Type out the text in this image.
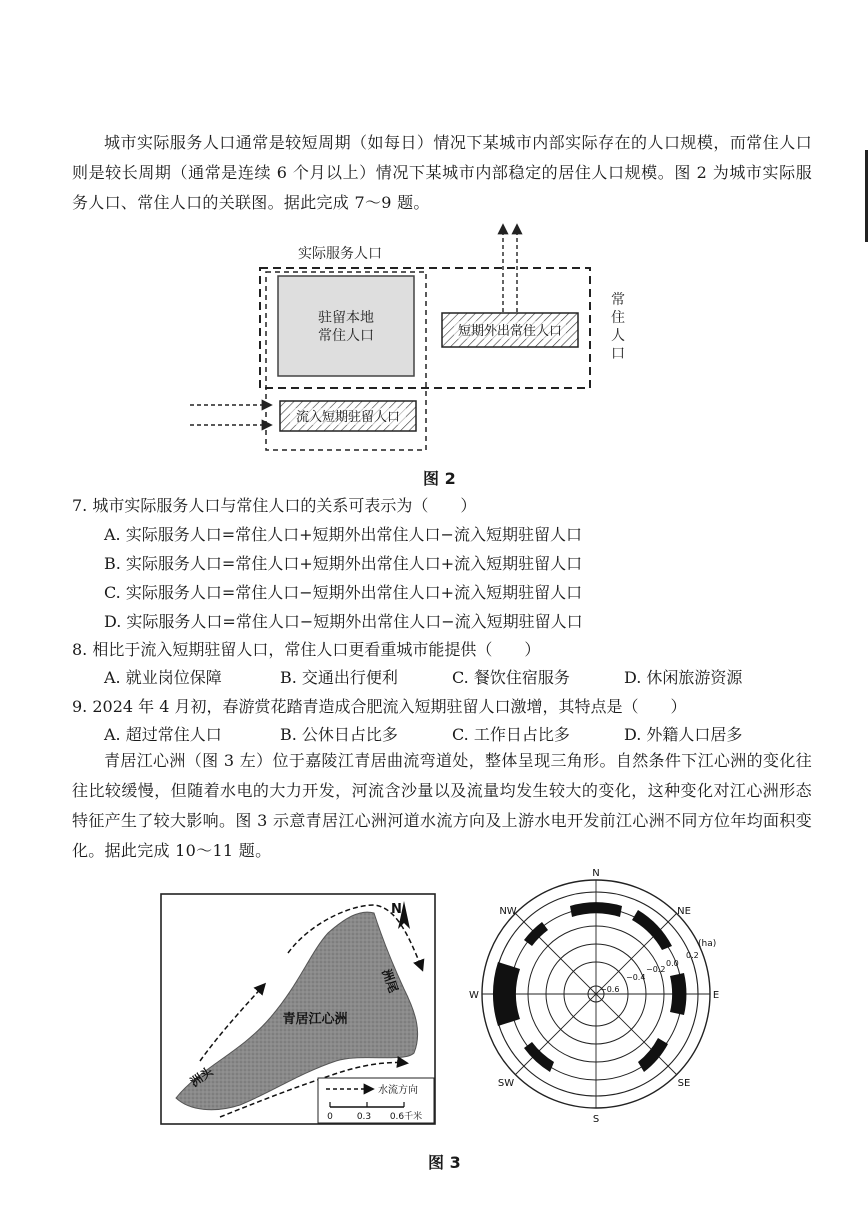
城市实际服务人口通常是较短周期（如每日）情况下某城市内部实际存在的人口规模，而常住人口则是较长周期（通常是连续 6 个月以上）情况下某城市内部稳定的居住人口规模。图 2 为城市实际服务人口、常住人口的关联图。据此完成 7～9 题。
实际服务人口
驻留本地
常住人口	短期外出常住人口
常
住
人
口
流入短期驻留人口
图 2
7. 城市实际服务人口与常住人口的关系可表示为（　　）
A. 实际服务人口=常住人口+短期外出常住人口−流入短期驻留人口
B. 实际服务人口=常住人口+短期外出常住人口+流入短期驻留人口
C. 实际服务人口=常住人口−短期外出常住人口+流入短期驻留人口
D. 实际服务人口=常住人口−短期外出常住人口−流入短期驻留人口
8. 相比于流入短期驻留人口，常住人口更看重城市能提供（　　）
A. 就业岗位保障	B. 交通出行便利	C. 餐饮住宿服务	D. 休闲旅游资源
9. 2024 年 4 月初，春游赏花踏青造成合肥流入短期驻留人口激增，其特点是（　　）
A. 超过常住人口	B. 公休日占比多	C. 工作日占比多	D. 外籍人口居多
青居江心洲（图 3 左）位于嘉陵江青居曲流弯道处，整体呈现三角形。自然条件下江心洲的变化往往比较缓慢，但随着水电的大力开发，河流含沙量以及流量均发生较大的变化，这种变化对江心洲形态特征产生了较大影响。图 3 示意青居江心洲河道水流方向及上游水电开发前江心洲不同方位年均面积变化。据此完成 10～11 题。
青居江心洲
洲头
洲尾
N
水流方向
0	0.3 0.6千米
N
NE
E
SE
S
SW
W
NW
(ha)
0.2
0.0
−0.2
−0.4
−0.6
图 3
